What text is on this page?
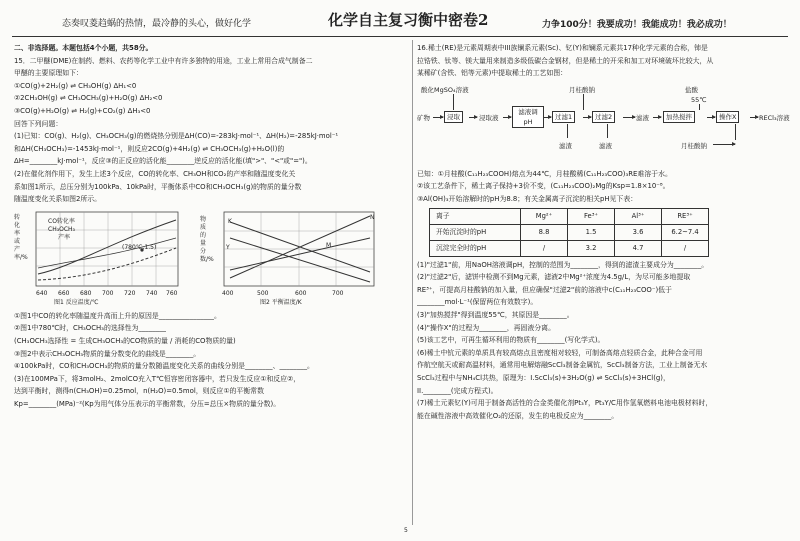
态奏叹菱趋蜗的热情，最冷静的头心，做好化学	化学自主复习衡中密卷2	力争100分！我要成功！我能成功！我必成功！

二、非选择题。本题包括4个小题，共58分。

15．二甲醚(DME)在制药、燃料、农药等化学工业中有许多独特的用途，工业上常用合成气制备二

甲醚的主要原理如下：

①CO(g)+2H₂(g) ⇌ CH₃OH(g) ΔH₁<0

②2CH₃OH(g) ⇌ CH₃OCH₃(g)+H₂O(g) ΔH₂<0

③CO(g)+H₂O(g) ⇌ H₂(g)+CO₂(g) ΔH₃<0

回答下列问题：

(1)已知：CO(g)、H₂(g)、CH₃OCH₃(g)的燃烧热分别是ΔH(CO)=-283kJ·mol⁻¹、ΔH(H₂)=-285kJ·mol⁻¹

和ΔH(CH₃OCH₃)=-1453kJ·mol⁻¹，则反应2CO(g)+4H₂(g) ⇌ CH₃OCH₃(g)+H₂O(l)的

ΔH=________kJ·mol⁻¹，反应③的正反应的活化能________逆反应的活化能(填">"、"<"或"=")。

(2)在催化剂作用下，发生上述3个反应，CO的转化率、CH₃OH和CO₂的产率和随温度变化关

系如图1所示，总压分别为100kPa、10kPa时，平衡体系中CO和CH₃OCH₃(g)的物质的量分数

随温度变化关系如图2所示。

转化率或产率/%
CO转化率
CH₃OCH₃
产率
(780℃,1.5)
640 660 680 700 720 740 760
图1 反应温度/℃
物质的量分数/%
N
K
M
Y
400	500	600	700
图2 平衡温度/K

①图1中CO的转化率随温度升高而上升的原因是________________。

②图1中780℃时，CH₃OCH₃的选择性为________

(CH₃OCH₃选择性 = 生成CH₃OCH₃的CO物质的量 / 消耗的CO物质的量)

③图2中表示CH₃OCH₃物质的量分数变化的曲线是________。

④100kPa时，CO和CH₃OCH₃的物质的量分数随温度变化关系的曲线分别是________、________。

(3)在100MPa下，将3molH₂、2molCO充入T℃恒容密闭容器中，若只发生反应①和反应②，

达到平衡时，测得n(CH₃OH)=0.25mol，n(H₂O)=0.5mol，则反应①的平衡常数

Kp=________(MPa)⁻²(Kp为用气体分压表示的平衡常数，分压=总压×物质的量分数)。

16.稀土(RE)是元素周期表中III族镧系元素(Sc)、钇(Y)和镧系元素共17种化学元素的合称，铈是

拉锆铁、钛等、镁大量用来制造多级低碳合金钢材，但是稀土的开采和加工对环境破坏比较大，从

某稀矿(含铁、铝等元素)中提取稀土的工艺如图：

酸化MgSO₄溶液	月桂酸钠	盐酸
55℃
矿物	浸取	浸取液
滤液调pH
过滤1	过滤2	滤液	加热搅拌	操作X	RECl₃溶液
滤渣	滤液	月桂酸钠

已知：①月桂酸(C₁₁H₂₃COOH)熔点为44℃，月桂酸稀(C₁₁H₂₃COO)₃RE难溶于水。

②该工艺条件下，稀土离子保持+3价不变，(C₁₁H₂₃COO)₂Mg的Ksp=1.8×10⁻⁸。

③Al(OH)₃开始溶解时的pH为8.8；有关金属离子沉淀的相关pH见下表：

离子	Mg²⁺	Fe³⁺	Al³⁺	RE³⁺
开始沉淀时的pH	8.8	1.5	3.6	6.2~7.4
沉淀完全时的pH	/	3.2	4.7	/

(1)"过滤1"前，用NaOH溶液调pH，控制的范围为________，得到的滤渣主要成分为________。

(2)"过滤2"后，滤饼中检测不到Mg元素，滤液2中Mg²⁺浓度为4.5g/L，为尽可能多地提取

RE³⁺，可提高月桂酸钠的加入量，但应确保"过滤2"前的溶液中c(C₁₁H₂₃COO⁻)低于

________mol·L⁻¹(保留两位有效数字)。

(3)"加热搅拌"得到温度55℃，其原因是________。

(4)"操作X"的过程为________，再固液分离。

(5)该工艺中，可再生循环利用的物质有________(写化学式)。

(6)稀土中钪元素的单质具有较高熔点且密度相对较轻，可制备高熔点轻质合金，此种合金可用

作航空航天或耐高温材料，通常用电解熔融ScCl₃制备金属钪，ScCl₃制备方法，工业上制备无水

ScCl₃过程中与NH₄Cl共热，原理为：I.ScCl₃(s)+3H₂O(g) ⇌ ScCl₃(s)+3HCl(g)，

II.________(完成方程式)。

(7)稀土元素钇(Y)可用于制备高活性的合金类催化剂Pt₃Y，Pt₃Y/C用作氢氧燃料电池电极材料时，

能在碱性溶液中高效催化O₂的还原，发生的电极反应为________。

5
